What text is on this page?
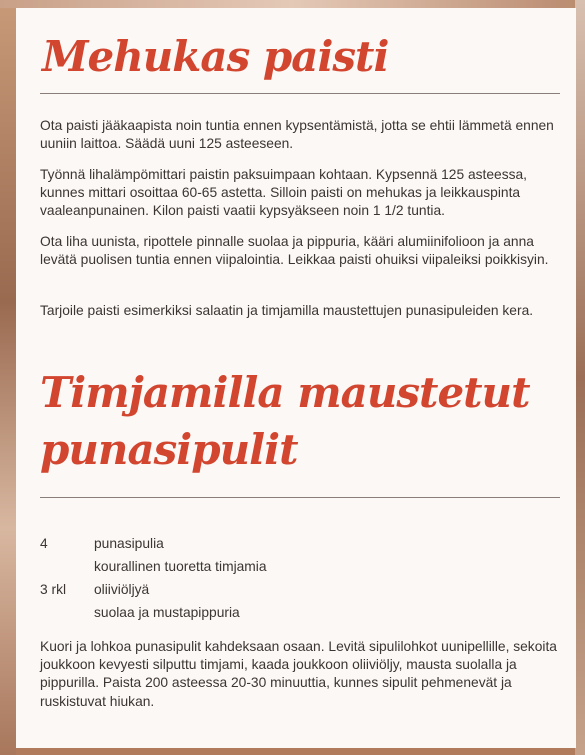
Mehukas paisti

Ota paisti jääkaapista noin tuntia ennen kypsentämistä, jotta se ehtii lämmetä ennen uuniin laittoa. Säädä uuni 125 asteeseen.

Työnnä lihalämpömittari paistin paksuimpaan kohtaan. Kypsennä 125 asteessa, kunnes mittari osoittaa 60-65 astetta. Silloin paisti on mehukas ja leikkauspinta vaaleanpunainen. Kilon paisti vaatii kypsyäkseen noin 1 1/2 tuntia.

Ota liha uunista, ripottele pinnalle suolaa ja pippuria, kääri alumiinifolioon ja anna levätä puolisen tuntia ennen viipalointia. Leikkaa paisti ohuiksi viipaleiksi poikkisyin.

Tarjoile paisti esimerkiksi salaatin ja timjamilla maustettujen punasipuleiden kera.

Timjamilla maustetut
punasipulit
4	punasipulia
kourallinen tuoretta timjamia
3 rkl	oliiviöljyä
suolaa ja mustapippuria

Kuori ja lohkoa punasipulit kahdeksaan osaan. Levitä sipulilohkot uunipellille, sekoita joukkoon kevyesti silputtu timjami, kaada joukkoon oliiviöljy, mausta suolalla ja pippurilla. Paista 200 asteessa 20-30 minuuttia, kunnes sipulit pehmenevät ja ruskistuvat hiukan.
